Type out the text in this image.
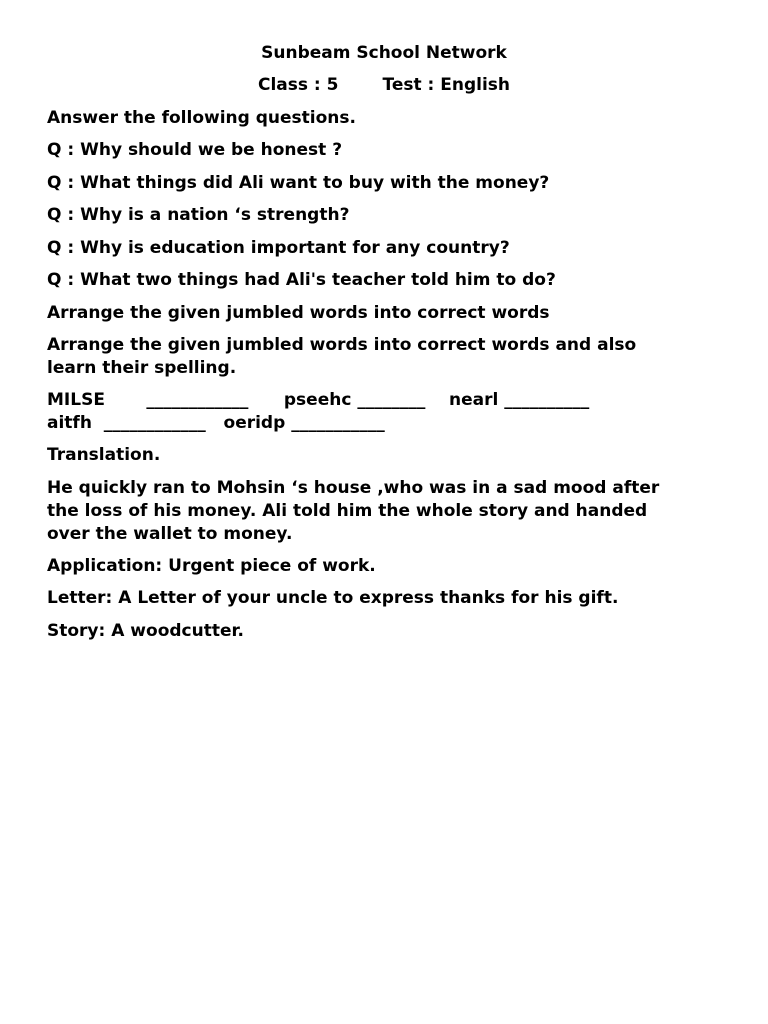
Sunbeam School Network
Class : 5	Test : English
Answer the following questions.
Q : Why should we be honest ?
Q : What things did Ali want to buy with the money?
Q : Why is a nation ‘s strength?
Q : Why is education important for any country?
Q : What two things had Ali's teacher told him to do?
Arrange the given jumbled words into correct words
Arrange the given jumbled words into correct words and also
learn their spelling.
MILSE       ____________      pseehc ________    nearl __________
aitfh  ____________   oeridp ___________
Translation.
He quickly ran to Mohsin ‘s house ,who was in a sad mood after
the loss of his money. Ali told him the whole story and handed
over the wallet to money.
Application: Urgent piece of work.
Letter: A Letter of your uncle to express thanks for his gift.
Story: A woodcutter.
